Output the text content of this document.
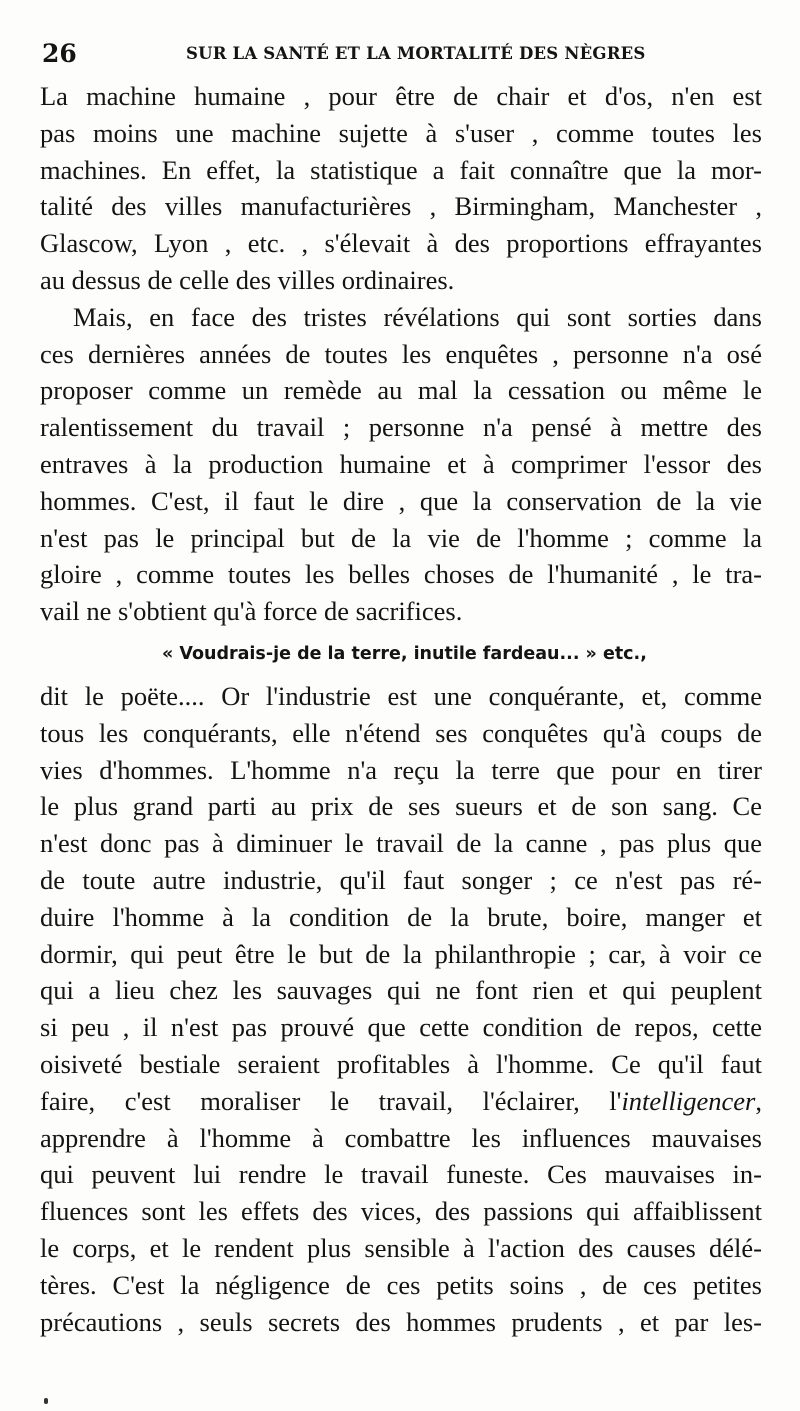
26	SUR LA SANTÉ ET LA MORTALITÉ DES NÈGRES
La machine humaine , pour être de chair et d'os, n'en est
pas moins une machine sujette à s'user , comme toutes les
machines. En effet, la statistique a fait connaître que la mor-
talité des villes manufacturières , Birmingham, Manchester ,
Glascow, Lyon , etc. , s'élevait à des proportions effrayantes
au dessus de celle des villes ordinaires.
Mais, en face des tristes révélations qui sont sorties dans
ces dernières années de toutes les enquêtes , personne n'a osé
proposer comme un remède au mal la cessation ou même le
ralentissement du travail ; personne n'a pensé à mettre des
entraves à la production humaine et à comprimer l'essor des
hommes. C'est, il faut le dire , que la conservation de la vie
n'est pas le principal but de la vie de l'homme ; comme la
gloire , comme toutes les belles choses de l'humanité , le tra-
vail ne s'obtient qu'à force de sacrifices.
« Voudrais-je de la terre, inutile fardeau... » etc.,
dit le poëte.... Or l'industrie est une conquérante, et, comme
tous les conquérants, elle n'étend ses conquêtes qu'à coups de
vies d'hommes. L'homme n'a reçu la terre que pour en tirer
le plus grand parti au prix de ses sueurs et de son sang. Ce
n'est donc pas à diminuer le travail de la canne , pas plus que
de toute autre industrie, qu'il faut songer ; ce n'est pas ré-
duire l'homme à la condition de la brute, boire, manger et
dormir, qui peut être le but de la philanthropie ; car, à voir ce
qui a lieu chez les sauvages qui ne font rien et qui peuplent
si peu , il n'est pas prouvé que cette condition de repos, cette
oisiveté bestiale seraient profitables à l'homme. Ce qu'il faut
faire, c'est moraliser le travail, l'éclairer, l'intelligencer,
apprendre à l'homme à combattre les influences mauvaises
qui peuvent lui rendre le travail funeste. Ces mauvaises in-
fluences sont les effets des vices, des passions qui affaiblissent
le corps, et le rendent plus sensible à l'action des causes délé-
tères. C'est la négligence de ces petits soins , de ces petites
précautions , seuls secrets des hommes prudents , et par les-
